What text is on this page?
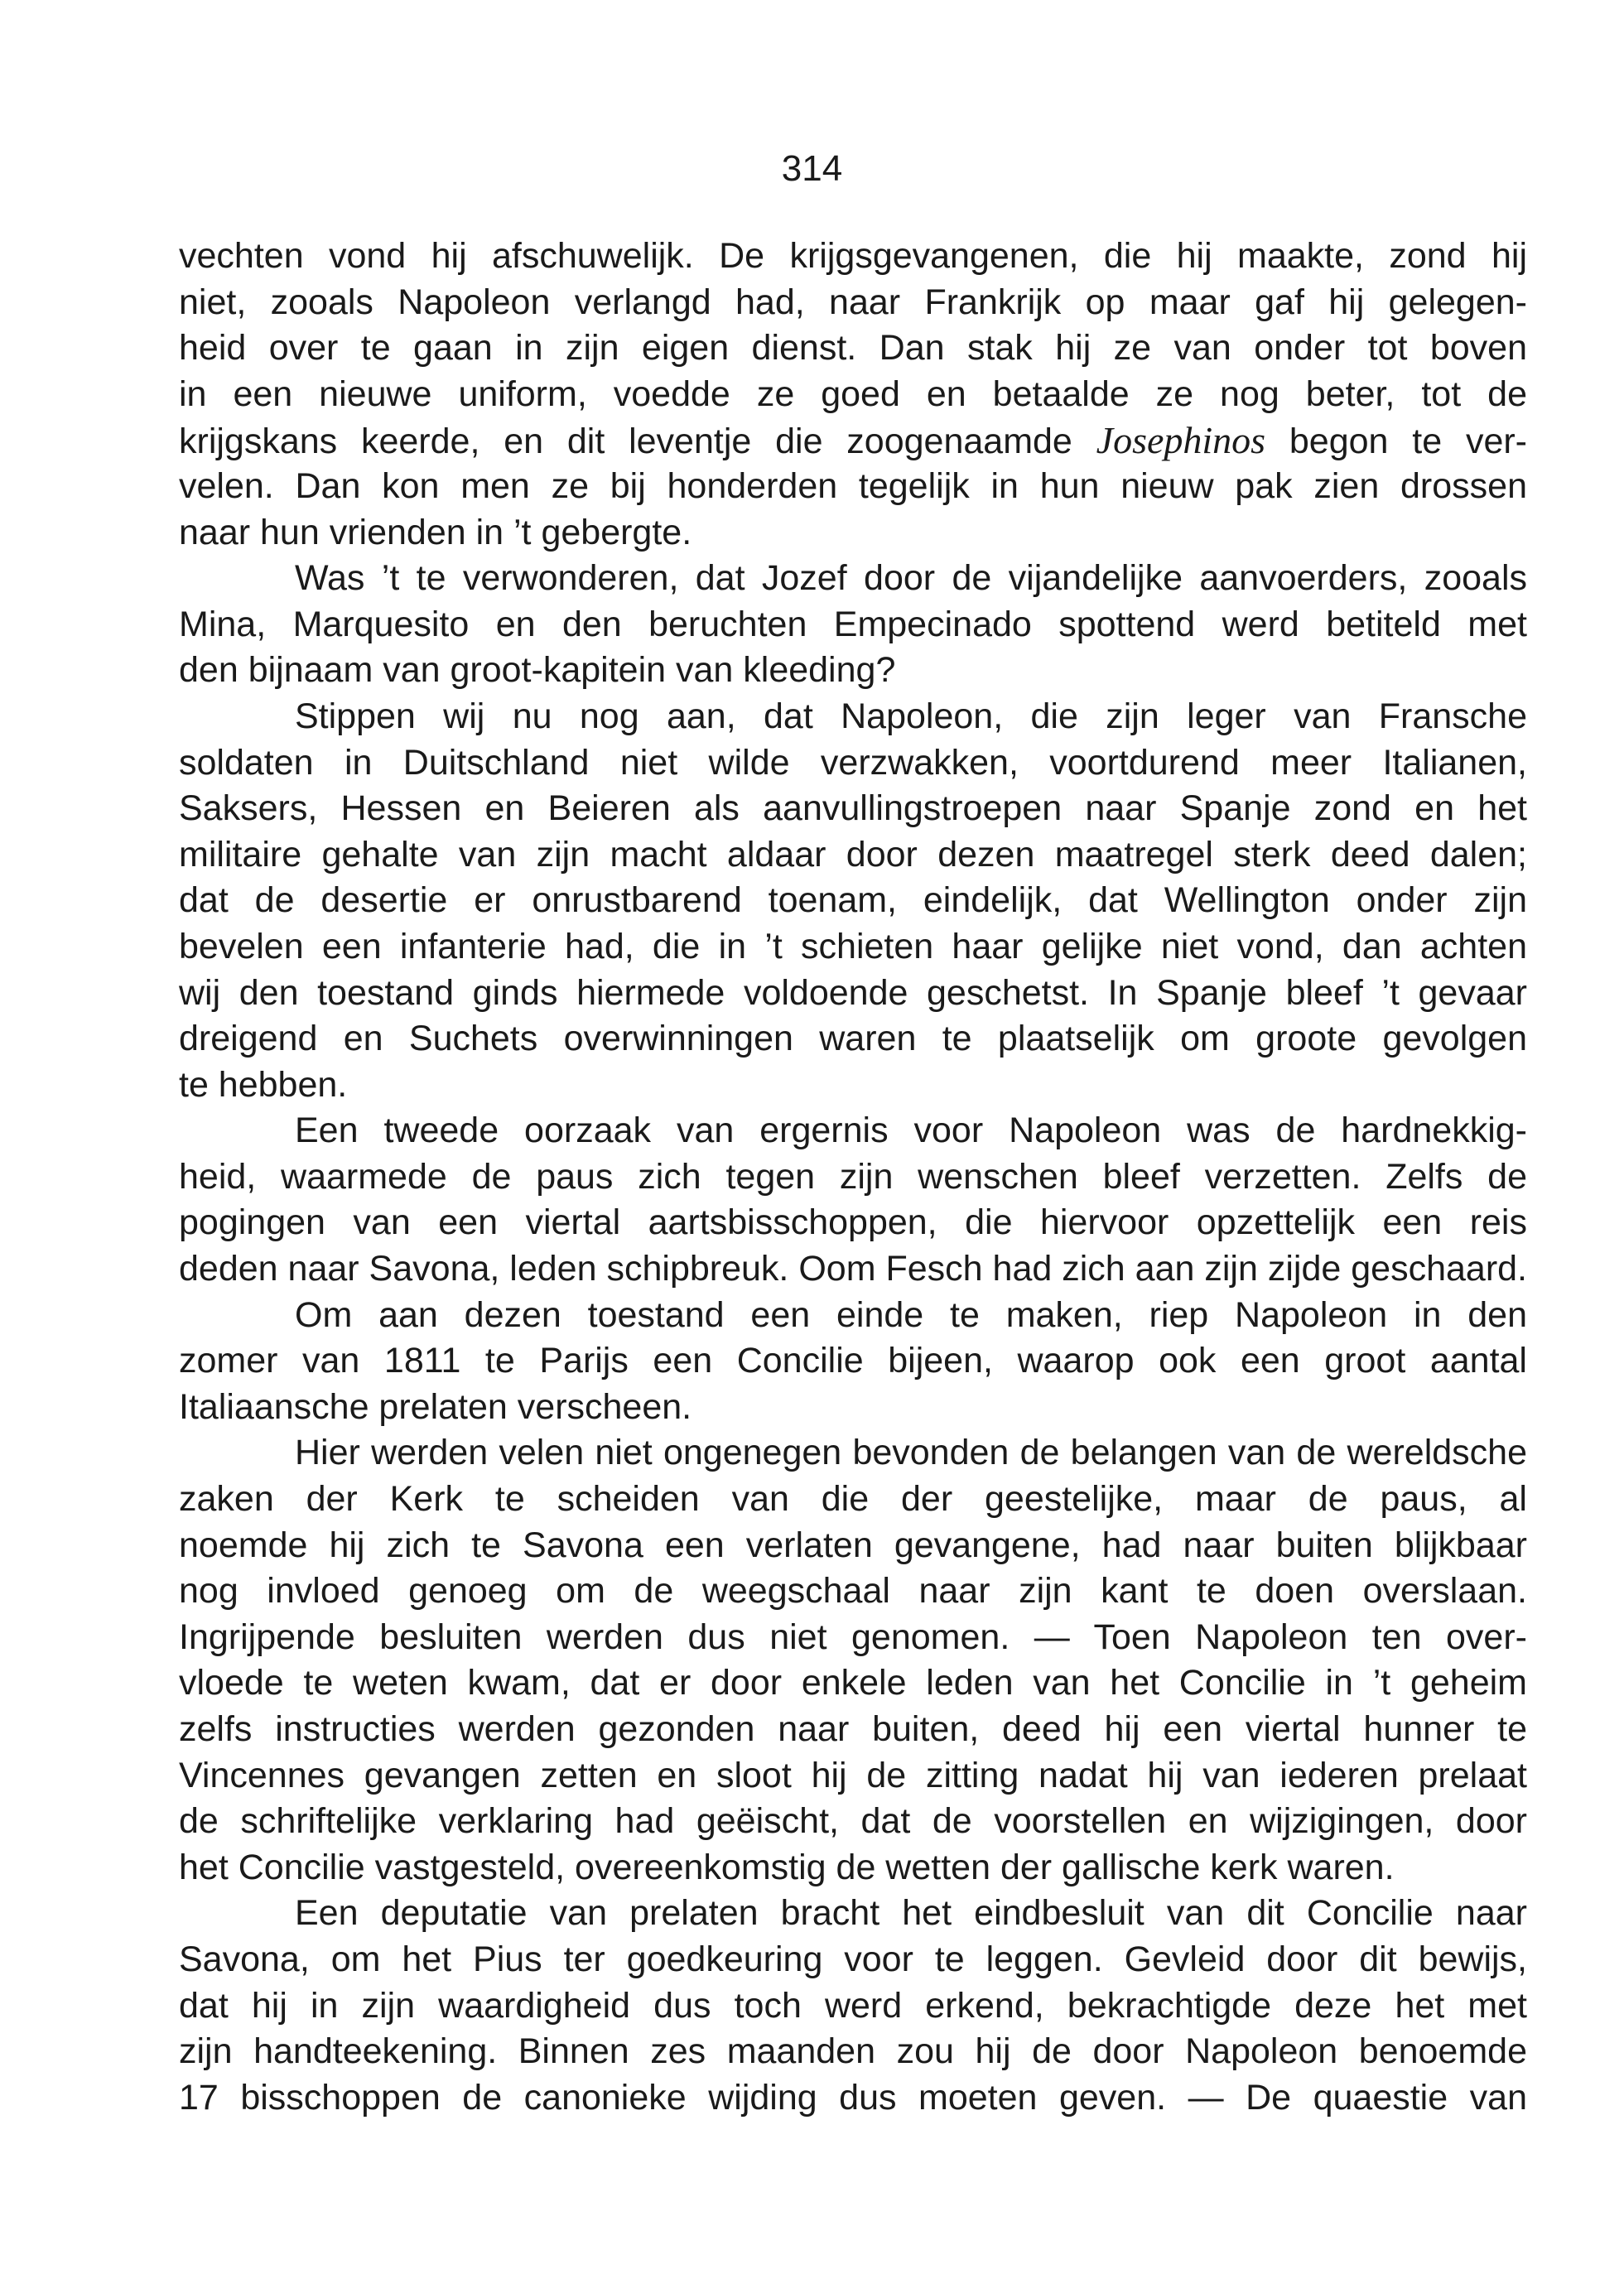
314
vechten vond hij afschuwelijk. De krijgsgevangenen, die hij maakte, zond hij
niet, zooals Napoleon verlangd had, naar Frankrijk op maar gaf hij gelegen-
heid over te gaan in zijn eigen dienst. Dan stak hij ze van onder tot boven
in een nieuwe uniform, voedde ze goed en betaalde ze nog beter, tot de
krijgskans keerde, en dit leventje die zoogenaamde Josephinos begon te ver-
velen. Dan kon men ze bij honderden tegelijk in hun nieuw pak zien drossen
naar hun vrienden in ’t gebergte.
Was ’t te verwonderen, dat Jozef door de vijandelijke aanvoerders, zooals
Mina, Marquesito en den beruchten Empecinado spottend werd betiteld met
den bijnaam van groot-kapitein van kleeding?
Stippen wij nu nog aan, dat Napoleon, die zijn leger van Fransche
soldaten in Duitschland niet wilde verzwakken, voortdurend meer Italianen,
Saksers, Hessen en Beieren als aanvullingstroepen naar Spanje zond en het
militaire gehalte van zijn macht aldaar door dezen maatregel sterk deed dalen;
dat de desertie er onrustbarend toenam, eindelijk, dat Wellington onder zijn
bevelen een infanterie had, die in ’t schieten haar gelijke niet vond, dan achten
wij den toestand ginds hiermede voldoende geschetst. In Spanje bleef ’t gevaar
dreigend en Suchets overwinningen waren te plaatselijk om groote gevolgen
te hebben.
Een tweede oorzaak van ergernis voor Napoleon was de hardnekkig-
heid, waarmede de paus zich tegen zijn wenschen bleef verzetten. Zelfs de
pogingen van een viertal aartsbisschoppen, die hiervoor opzettelijk een reis
deden naar Savona, leden schipbreuk. Oom Fesch had zich aan zijn zijde geschaard.
Om aan dezen toestand een einde te maken, riep Napoleon in den
zomer van 1811 te Parijs een Concilie bijeen, waarop ook een groot aantal
Italiaansche prelaten verscheen.
Hier werden velen niet ongenegen bevonden de belangen van de wereldsche
zaken der Kerk te scheiden van die der geestelijke, maar de paus, al
noemde hij zich te Savona een verlaten gevangene, had naar buiten blijkbaar
nog invloed genoeg om de weegschaal naar zijn kant te doen overslaan.
Ingrijpende besluiten werden dus niet genomen. — Toen Napoleon ten over-
vloede te weten kwam, dat er door enkele leden van het Concilie in ’t geheim
zelfs instructies werden gezonden naar buiten, deed hij een viertal hunner te
Vincennes gevangen zetten en sloot hij de zitting nadat hij van iederen prelaat
de schriftelijke verklaring had geëischt, dat de voorstellen en wijzigingen, door
het Concilie vastgesteld, overeenkomstig de wetten der gallische kerk waren.
Een deputatie van prelaten bracht het eindbesluit van dit Concilie naar
Savona, om het Pius ter goedkeuring voor te leggen. Gevleid door dit bewijs,
dat hij in zijn waardigheid dus toch werd erkend, bekrachtigde deze het met
zijn handteekening. Binnen zes maanden zou hij de door Napoleon benoemde
17 bisschoppen de canonieke wijding dus moeten geven. — De quaestie van
